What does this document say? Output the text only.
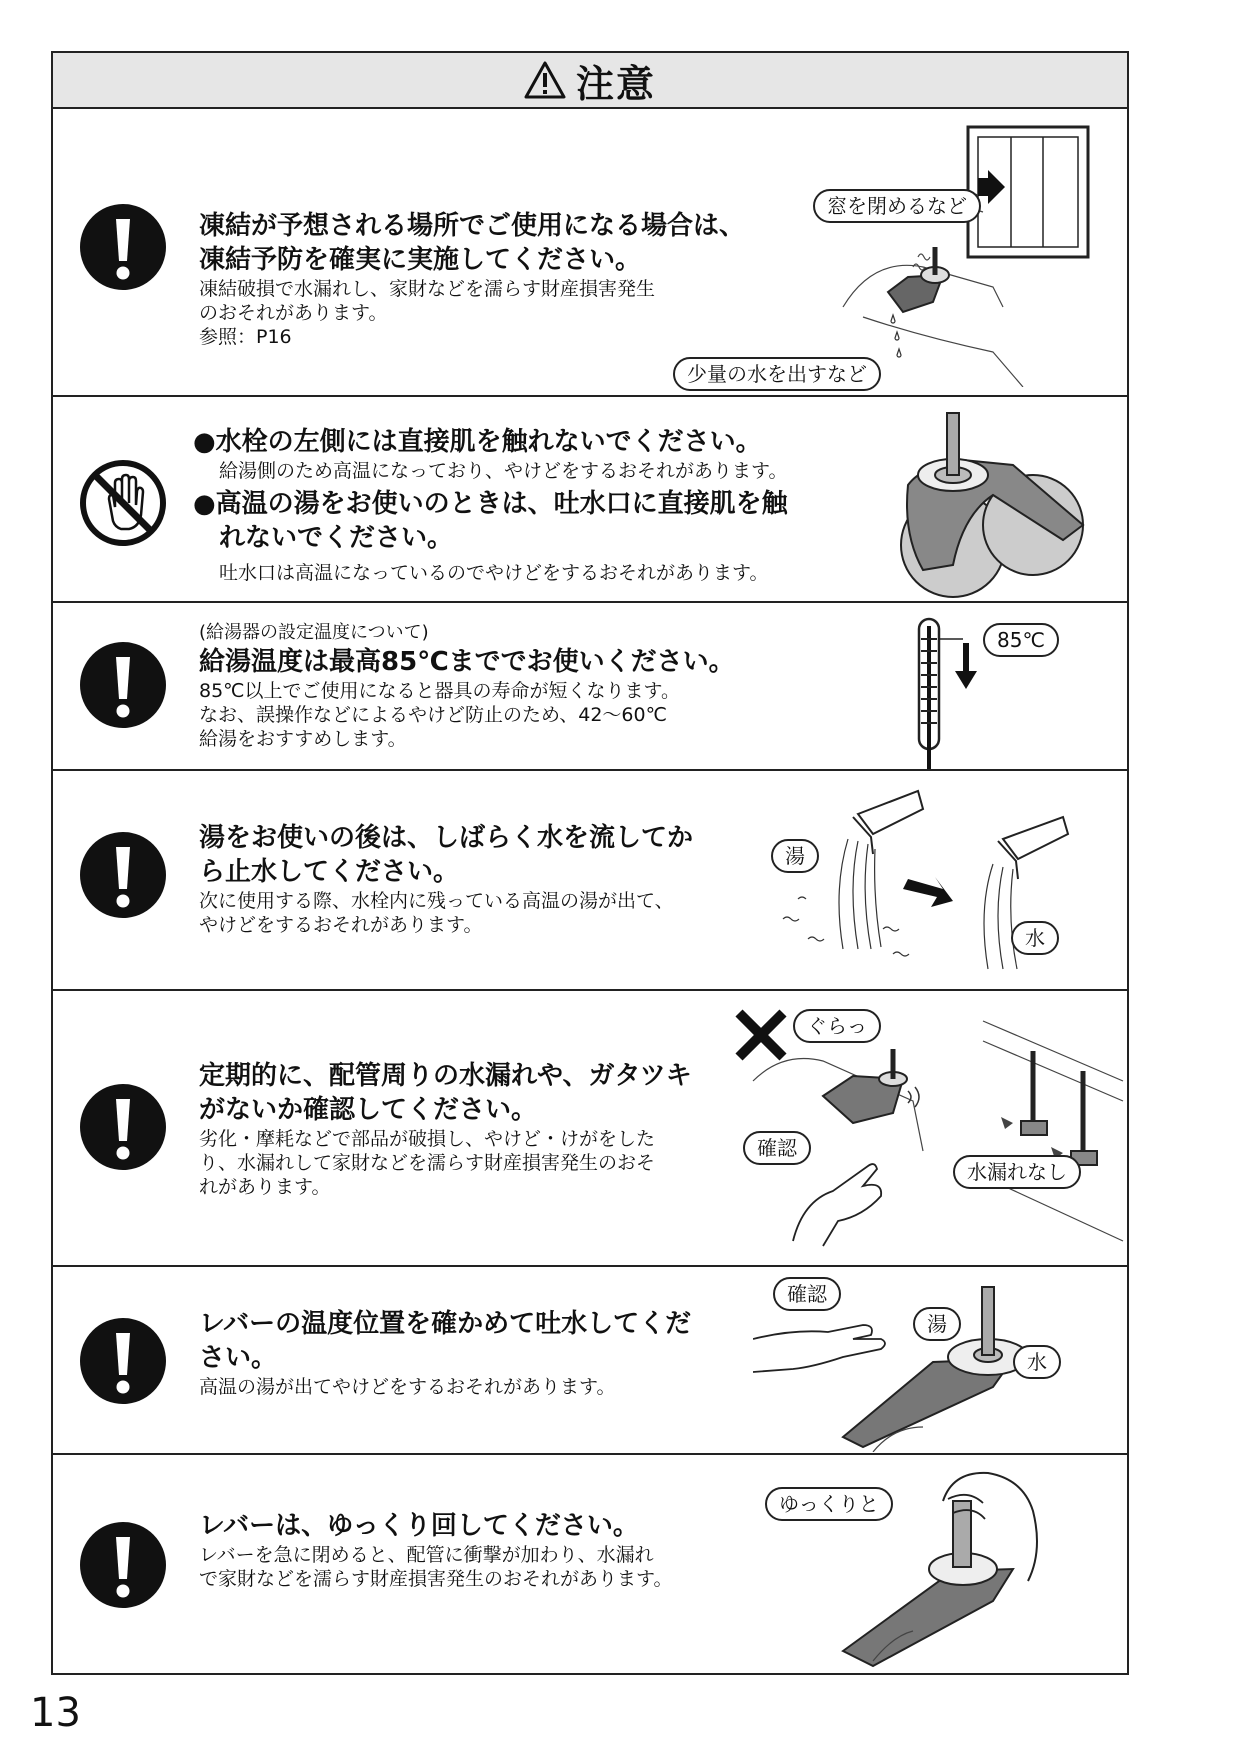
注意
凍結が予想される場所でご使用になる場合は、凍結予防を確実に実施してください。
凍結破損で水漏れし、家財などを濡らす財産損害発生
のおそれがあります。
参照：P16
窓を閉めるなど
少量の水を出すなど
●水栓の左側には直接肌を触れないでください。
給湯側のため高温になっており、やけどをするおそれがあります。
●高温の湯をお使いのときは、吐水口に直接肌を触
れないでください。
吐水口は高温になっているのでやけどをするおそれがあります。
(給湯器の設定温度について)
給湯温度は最高85℃まででお使いください。
85℃以上でご使用になると器具の寿命が短くなります。
なお、誤操作などによるやけど防止のため、42～60℃
給湯をおすすめします。
85℃
湯をお使いの後は、しばらく水を流してか
ら止水してください。
次に使用する際、水栓内に残っている高温の湯が出て、
やけどをするおそれがあります。
湯
水
定期的に、配管周りの水漏れや、ガタツキ
がないか確認してください。
劣化・摩耗などで部品が破損し、やけど・けがをした
り、水漏れして家財などを濡らす財産損害発生のおそ
れがあります。
ぐらっ
確認
水漏れなし
レバーの温度位置を確かめて吐水してくだ
さい。
高温の湯が出てやけどをするおそれがあります。
確認
湯
水
レバーは、ゆっくり回してください。
レバーを急に閉めると、配管に衝撃が加わり、水漏れ
で家財などを濡らす財産損害発生のおそれがあります。
ゆっくりと
13
